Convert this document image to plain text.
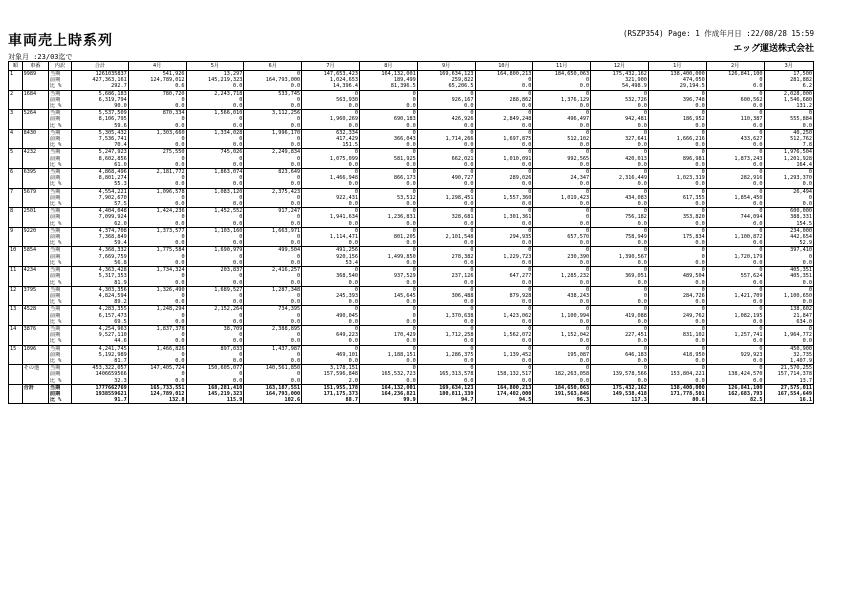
車両売上時系列	(RSZP354) Page: 1 作成年月日 :22/08/28 15:59
エッグ運送株式会社
対象月 :23/03迄で
順	車番	内訳	合計	4月	5月	6月	7月	8月	9月	10月	11月	12月	1月	2月	3月
1	9989	当期	1261035837	541,926	13,297	0	147,653,423	164,132,001	169,634,123	164,800,213	184,650,063	175,432,162	138,400,000	126,841,100	17,500
		前期	427,363,161	124,789,012	145,219,323	164,793,000	1,024,653	189,499	259,822	0	0	321,900	474,050	0	281,882
		比 %	292.7	0.6	0.0	0.0	14,396.4	81,396.5	65,206.5	0.0	0.0	54,498.9	29,194.5	0.0	6.2
2	1684	当期	5,686,183	780,720	2,243,718	533,745	0	0	0	0	0	0	0	0	2,028,000
		前期	6,319,794	0	0	0	563,930	0	926,167	288,862	1,376,129	532,726	396,748	600,562	1,546,680
		比 %	90.0	0.0	0.0	0.0	0.0	0.0	0.0	0.0	0.0	0.0	0.0	0.0	131.2
3	5264	当期	5,537,509	870,334	1,566,010	3,112,256	0	0	0	0	0	0	0	0	0
		前期	8,106,795	0	0	0	1,960,269	690,183	426,926	2,849,248	496,497	942,481	186,952	110,387	555,884
		比 %	59.6	0.0	0.0	0.0	0.0	0.0	0.0	0.0	0.0	0.0	0.0	0.0	0.0
4	8430	当期	5,305,432	1,303,660	1,334,028	1,996,170	632,334	0	0	0	0	0	0	0	40,250
		前期	7,536,741	0	0	0	417,429	366,043	1,714,266	1,697,875	512,102	327,641	1,666,216	433,627	512,762
		比 %	70.4	0.0	0.0	0.0	151.5	0.0	0.0	0.0	0.0	0.0	0.0	0.0	7.8
5	4232	当期	5,247,923	275,550	745,026	2,249,834	0	0	0	0	0	0	0	0	1,976,504
		前期	8,602,856	0	0	0	1,075,099	581,925	662,021	1,010,091	992,565	420,013	896,981	1,873,243	1,201,928
		比 %	61.0	0.0	0.0	0.0	0.0	0.0	0.0	0.0	0.0	0.0	0.0	0.0	164.4
6	6395	当期	4,868,496	2,181,772	1,863,074	823,649	0	0	0	0	0	0	0	0	0
		前期	8,801,274	0	0	0	1,466,948	866,173	490,727	289,026	24,347	2,316,449	1,023,319	282,916	1,293,370
		比 %	55.3	0.0	0.0	0.0	0.0	0.0	0.0	0.0	0.0	0.0	0.0	0.0	0.0
7	5679	当期	4,554,221	1,096,578	1,083,120	2,375,423	0	0	0	0	0	0	0	0	26,494
		前期	7,902,670	0	0	0	922,431	53,512	1,298,451	1,557,360	1,019,423	434,083	617,355	1,854,450	0
		比 %	57.5	0.0	0.0	0.0	0.0	0.0	0.0	0.0	0.0	0.0	0.0	0.0	0.0
8	2501	当期	4,404,048	1,424,236	1,452,552	917,247	0	0	0	0	0	0	0	0	600,000
		前期	7,099,924	0	0	0	1,941,634	1,236,831	328,681	1,301,361	0	756,182	353,820	744,094	388,331
		比 %	62.0	0.0	0.0	0.0	0.0	0.0	0.0	0.0	0.0	0.0	0.0	0.0	154.5
9	9220	当期	4,374,708	1,373,577	1,103,160	1,663,971	0	0	0	0	0	0	0	0	234,000
		前期	7,368,849	0	0	0	1,114,471	801,205	2,101,548	294,935	657,570	758,949	175,834	1,100,872	442,654
		比 %	59.4	0.0	0.0	0.0	0.0	0.0	0.0	0.0	0.0	0.0	0.0	0.0	52.9
10	5854	当期	4,368,332	1,775,584	1,690,979	499,504	491,256	0	0	0	0	0	0	0	397,410
		前期	7,669,759	0	0	0	920,156	1,499,850	278,382	1,229,723	230,390	1,390,567	0	1,720,179	0
		比 %	56.8	0.0	0.0	0.0	53.4	0.0	0.0	0.0	0.0	0.0	0.0	0.0	0.0
11	4234	当期	4,363,428	1,734,324	203,837	2,416,257	0	0	0	0	0	0	0	0	405,351
		前期	5,317,353	0	0	0	368,540	937,529	237,126	647,277	1,285,232	369,051	489,504	557,624	405,351
		比 %	81.9	0.0	0.0	0.0	0.0	0.0	0.0	0.0	0.0	0.0	0.0	0.0	0.0
12	3795	当期	4,303,356	1,326,490	1,689,527	1,287,348	0	0	0	0	0	0	0	0	0
		前期	4,824,594	0	0	0	245,393	145,645	306,488	879,928	438,243	0	284,726	1,421,709	1,100,650
		比 %	89.2	0.0	0.0	0.0	0.0	0.0	0.0	0.0	0.0	0.0	0.0	0.0	0.0
13	4528	当期	4,283,355	1,248,294	2,152,264	734,395	0	0	0	0	0	0	0	0	138,602
		前期	6,157,473	0	0	0	490,045	0	1,370,638	1,423,062	1,100,994	419,088	249,762	1,082,195	21,847
		比 %	69.5	0.0	0.0	0.0	0.0	0.0	0.0	0.0	0.0	0.0	0.0	0.0	634.0
14	3876	当期	4,254,963	1,837,378	38,709	2,388,895	0	0	0	0	0	0	0	0	0
		前期	9,527,110	0	0	0	649,223	170,429	1,712,258	1,562,072	1,152,042	227,451	831,102	1,257,741	1,964,772
		比 %	44.6	0.0	0.0	0.0	0.0	0.0	0.0	0.0	0.0	0.0	0.0	0.0	0.0
15	1096	当期	4,241,745	1,466,826	897,033	1,437,987	0	0	0	0	0	0	0	0	450,900
		前期	5,192,989	0	0	0	469,101	1,188,151	1,286,375	1,139,452	195,087	646,183	418,950	929,923	32,735
		比 %	81.7	0.0	0.0	0.0	0.0	0.0	0.0	0.0	0.0	0.0	0.0	0.0	1,407.9
	その他	当期	453,322,057	147,405,724	150,605,077	140,561,850	3,178,151	0	0	0	0	0	0	0	21,570,255
		前期	1406659566	0	0	0	157,596,848	165,532,723	165,313,578	158,132,517	182,263,058	139,578,566	153,804,221	138,424,570	157,714,378
		比 %	32.3	0.0	0.0	0.0	2.0	0.0	0.0	0.0	0.0	0.0	0.0	0.0	13.7
	合計	当期	1777662769	165,733,551	168,281,410	163,187,551	151,955,178	164,132,001	169,634,123	164,800,213	184,650,063	175,432,162	138,400,000	126,841,100	27,575,011
		前期	1938559621	124,789,012	145,219,323	164,793,000	171,175,373	164,236,821	180,811,339	174,402,000	191,563,846	149,538,418	171,778,501	162,683,793	167,554,649
		比 %	91.7	132.8	115.9	102.6	88.7	99.9	94.7	94.5	96.3	117.3	80.6	82.5	16.1
